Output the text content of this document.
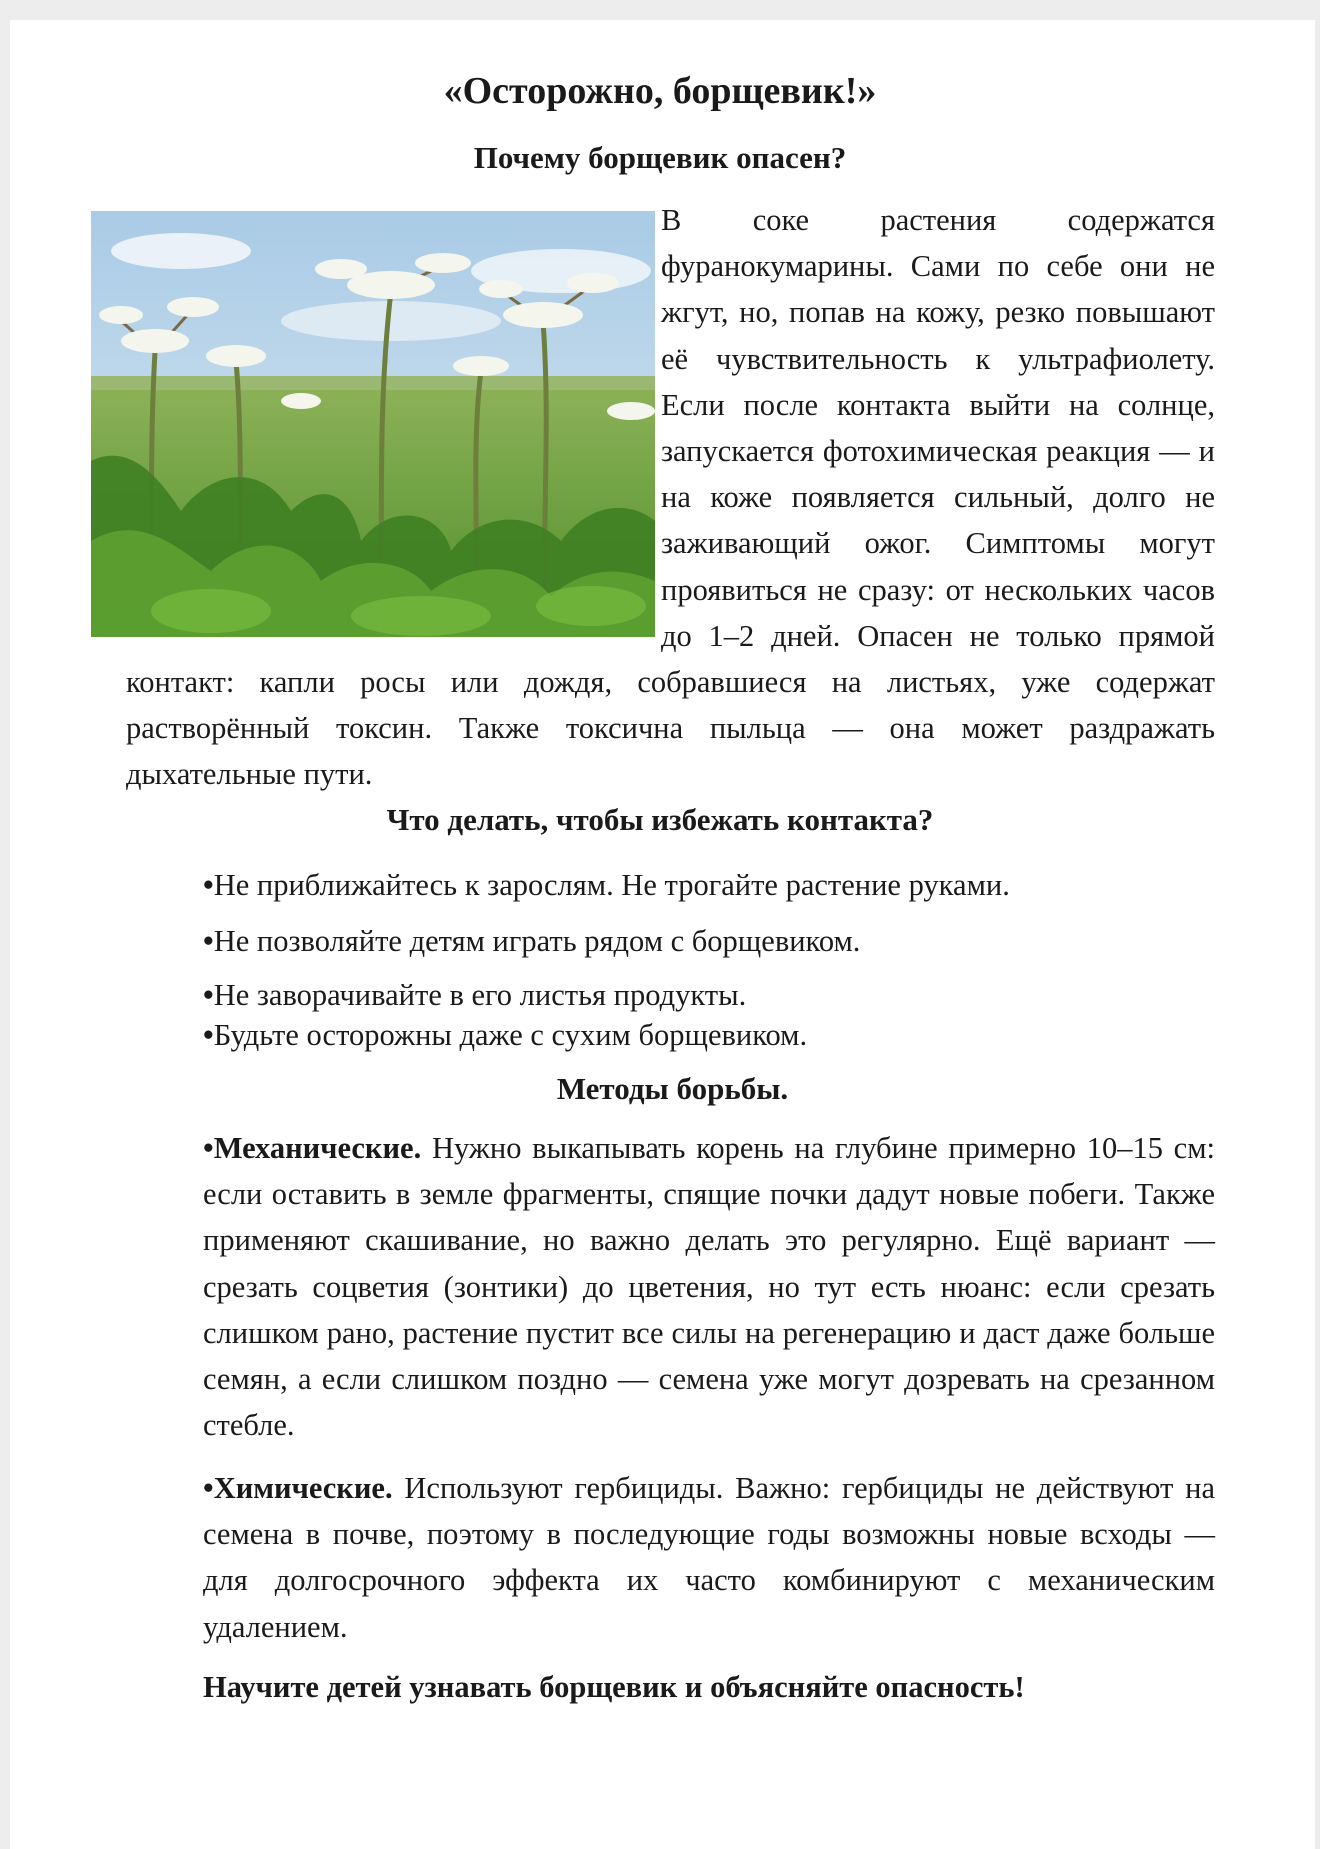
«Осторожно, борщевик!»
Почему борщевик опасен?

В соке растения содержатся фуранокумарины. Сами по себе они не жгут, но, попав на кожу, резко повышают её чувствительность к ультрафиолету. Если после контакта выйти на солнце, запускается фотохимическая реакция — и на коже появляется сильный, долго не заживающий ожог. Симптомы могут проявиться не сразу: от нескольких часов до 1–2 дней. Опасен не только прямой контакт: капли росы или дождя, собравшиеся на листьях, уже содержат растворённый токсин. Также токсична пыльца — она может раздражать дыхательные пути.

Что делать, чтобы избежать контакта?
•Не приближайтесь к зарослям. Не трогайте растение руками.
•Не позволяйте детям играть рядом с борщевиком.
•Не заворачивайте в его листья продукты.
•Будьте осторожны даже с сухим борщевиком.
Методы борьбы.

•Механические. Нужно выкапывать корень на глубине примерно 10–15 см: если оставить в земле фрагменты, спящие почки дадут новые побеги. Также применяют скашивание, но важно делать это регулярно. Ещё вариант — срезать соцветия (зонтики) до цветения, но тут есть нюанс: если срезать слишком рано, растение пустит все силы на регенерацию и даст даже больше семян, а если слишком поздно — семена уже могут дозревать на срезанном стебле.

•Химические. Используют гербициды. Важно: гербициды не действуют на семена в почве, поэтому в последующие годы возможны новые всходы — для долгосрочного эффекта их часто комбинируют с механическим удалением.

Научите детей узнавать борщевик и объясняйте опасность!
